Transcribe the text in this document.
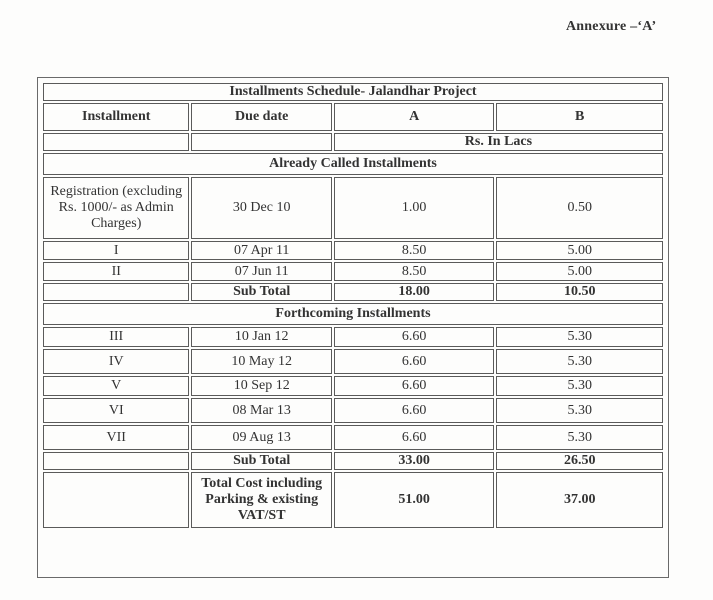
Annexure –‘A’
Installments Schedule- Jalandhar Project			
Installment	Due date	A	B
		Rs. In Lacs	
Already Called Installments			
Registration (excluding Rs. 1000/- as Admin Charges)	30 Dec 10	1.00	0.50
I	07 Apr 11	8.50	5.00
II	07 Jun 11	8.50	5.00
	Sub Total	18.00	10.50
Forthcoming Installments			
III	10 Jan 12	6.60	5.30
IV	10 May 12	6.60	5.30
V	10 Sep 12	6.60	5.30
VI	08 Mar 13	6.60	5.30
VII	09 Aug 13	6.60	5.30
	Sub Total	33.00	26.50
	Total Cost including Parking & existing VAT/ST	51.00	37.00
